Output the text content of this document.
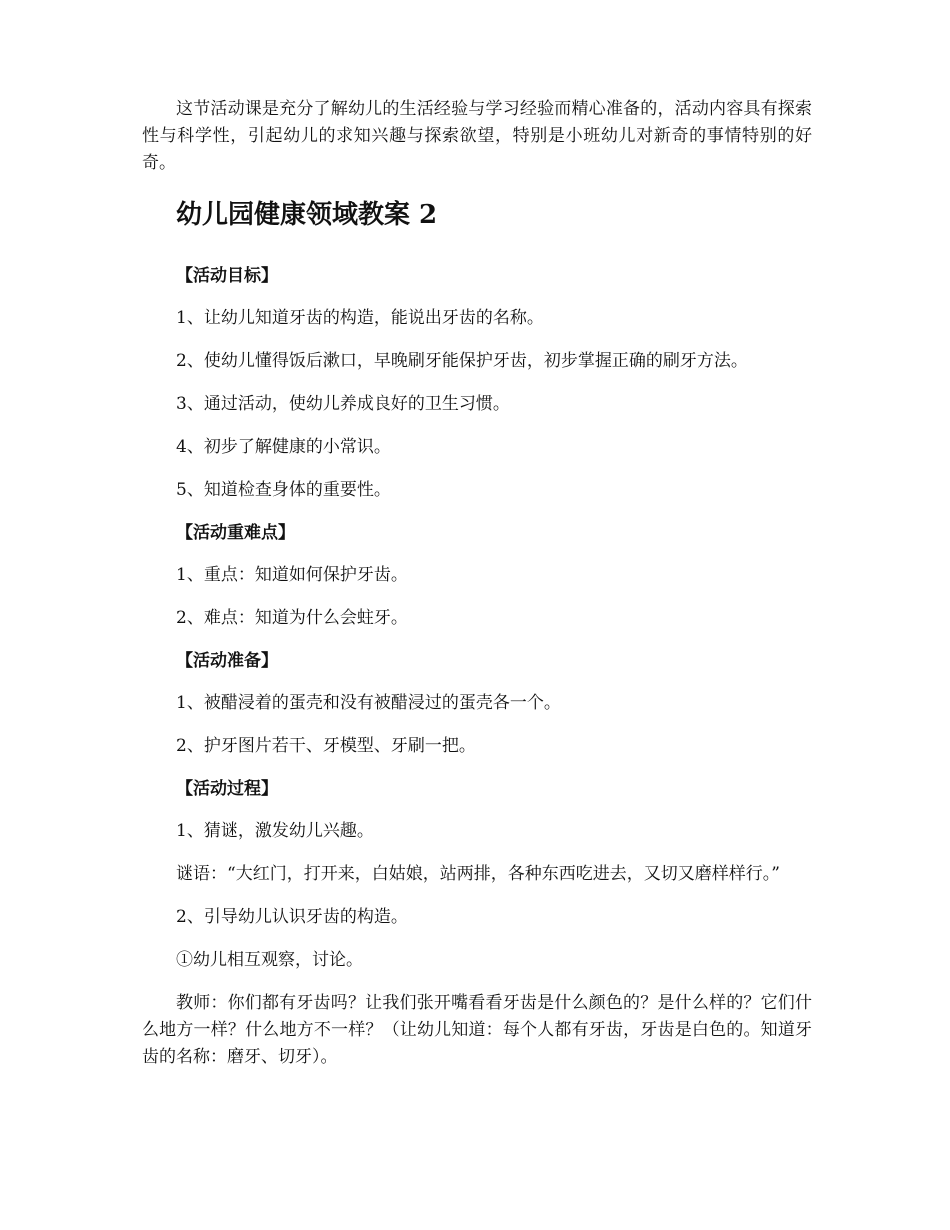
这节活动课是充分了解幼儿的生活经验与学习经验而精心准备的，活动内容具有探索性与科学性，引起幼儿的求知兴趣与探索欲望，特别是小班幼儿对新奇的事情特别的好奇。

幼儿园健康领域教案 2
【活动目标】
1、让幼儿知道牙齿的构造，能说出牙齿的名称。
2、使幼儿懂得饭后漱口，早晚刷牙能保护牙齿，初步掌握正确的刷牙方法。
3、通过活动，使幼儿养成良好的卫生习惯。
4、初步了解健康的小常识。
5、知道检查身体的重要性。
【活动重难点】
1、重点：知道如何保护牙齿。
2、难点：知道为什么会蛀牙。
【活动准备】
1、被醋浸着的蛋壳和没有被醋浸过的蛋壳各一个。
2、护牙图片若干、牙模型、牙刷一把。
【活动过程】
1、猜谜，激发幼儿兴趣。
谜语：“大红门，打开来，白姑娘，站两排，各种东西吃进去，又切又磨样样行。”
2、引导幼儿认识牙齿的构造。
①幼儿相互观察，讨论。
教师：你们都有牙齿吗？让我们张开嘴看看牙齿是什么颜色的？是什么样的？它们什么地方一样？什么地方不一样？（让幼儿知道：每个人都有牙齿，牙齿是白色的。知道牙齿的名称：磨牙、切牙）。
